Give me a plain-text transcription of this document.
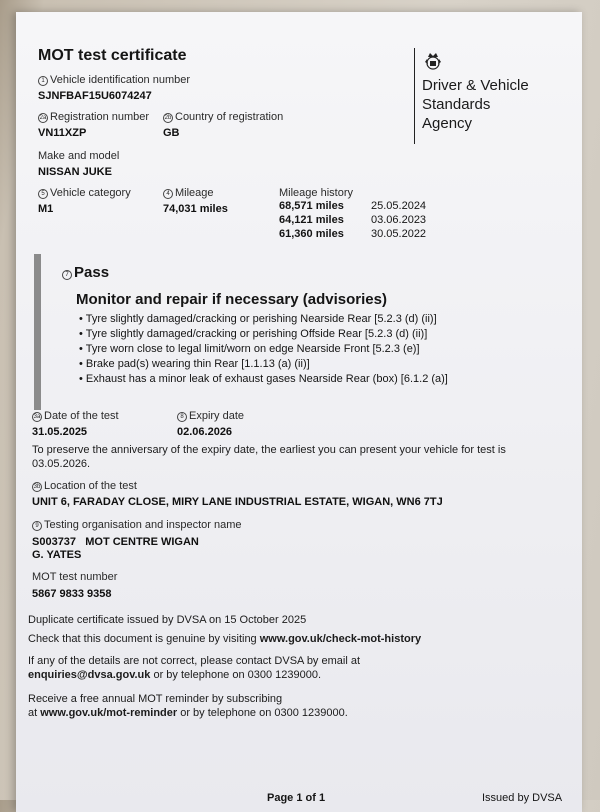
MOT test certificate
Driver & Vehicle
Standards
Agency
1 Vehicle identification number
SJNFBAF15U6074247
2a Registration number
VN11XZP
2b Country of registration
GB
Make and model
NISSAN JUKE
5 Vehicle category
M1
4 Mileage
74,031 miles
Mileage history
68,571 miles	25.05.2024
64,121 miles	03.06.2023
61,360 miles	30.05.2022
7 Pass
Monitor and repair if necessary (advisories)
• Tyre slightly damaged/cracking or perishing Nearside Rear [5.2.3 (d) (ii)]
• Tyre slightly damaged/cracking or perishing Offside Rear [5.2.3 (d) (ii)]
• Tyre worn close to legal limit/worn on edge Nearside Front [5.2.3 (e)]
• Brake pad(s) wearing thin Rear [1.1.13 (a) (ii)]
• Exhaust has a minor leak of exhaust gases Nearside Rear (box) [6.1.2 (a)]
3a Date of the test
31.05.2025
8 Expiry date
02.06.2026
To preserve the anniversary of the expiry date, the earliest you can present your vehicle for test is 03.05.2026.
3b Location of the test
UNIT 6, FARADAY CLOSE, MIRY LANE INDUSTRIAL ESTATE, WIGAN, WN6 7TJ
9 Testing organisation and inspector name
S003737 MOT CENTRE WIGAN
G. YATES
MOT test number
5867 9833 9358
Duplicate certificate issued by DVSA on 15 October 2025
Check that this document is genuine by visiting www.gov.uk/check-mot-history
If any of the details are not correct, please contact DVSA by email at
enquiries@dvsa.gov.uk or by telephone on 0300 1239000.
Receive a free annual MOT reminder by subscribing
at www.gov.uk/mot-reminder or by telephone on 0300 1239000.
Page 1 of 1	Issued by DVSA
